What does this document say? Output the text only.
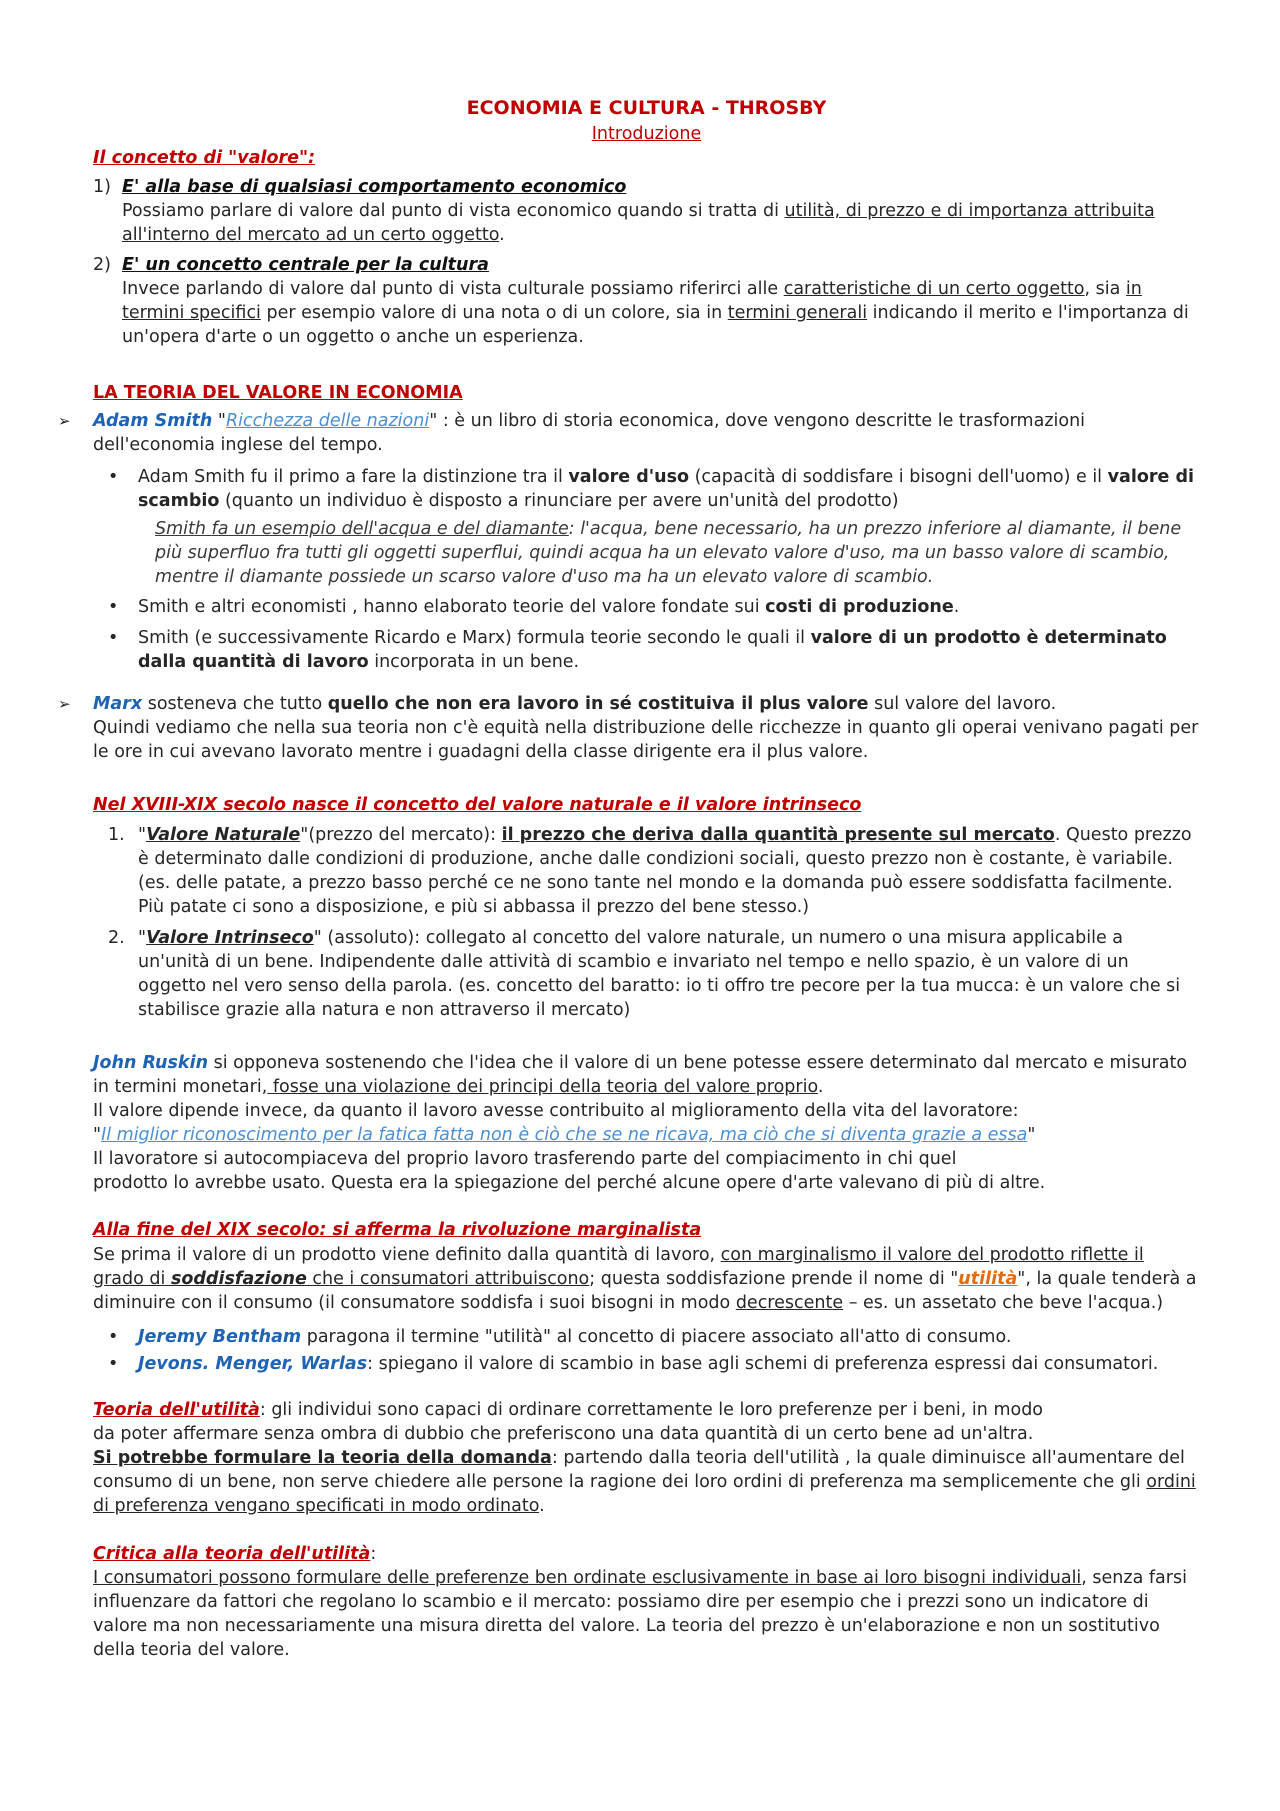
ECONOMIA E CULTURA - THROSBY
Introduzione
Il concetto di "valore":
1) E' alla base di qualsiasi comportamento economico
Possiamo parlare di valore dal punto di vista economico quando si tratta di utilità, di prezzo e di importanza attribuita all'interno del mercato ad un certo oggetto.
2) E' un concetto centrale per la cultura
Invece parlando di valore dal punto di vista culturale possiamo riferirci alle caratteristiche di un certo oggetto, sia in termini specifici per esempio valore di una nota o di un colore, sia in termini generali indicando il merito e l'importanza di un'opera d'arte o un oggetto o anche un esperienza.
LA TEORIA DEL VALORE IN ECONOMIA
➢ Adam Smith "Ricchezza delle nazioni" : è un libro di storia economica, dove vengono descritte le trasformazioni dell'economia inglese del tempo.
• Adam Smith fu il primo a fare la distinzione tra il valore d'uso (capacità di soddisfare i bisogni dell'uomo) e il valore di scambio (quanto un individuo è disposto a rinunciare per avere un'unità del prodotto)
Smith fa un esempio dell'acqua e del diamante: l'acqua, bene necessario, ha un prezzo inferiore al diamante, il bene più superfluo fra tutti gli oggetti superflui, quindi acqua ha un elevato valore d'uso, ma un basso valore di scambio, mentre il diamante possiede un scarso valore d'uso ma ha un elevato valore di scambio.
• Smith e altri economisti , hanno elaborato teorie del valore fondate sui costi di produzione.
• Smith (e successivamente Ricardo e Marx) formula teorie secondo le quali il valore di un prodotto è determinato dalla quantità di lavoro incorporata in un bene.
➢ Marx sosteneva che tutto quello che non era lavoro in sé costituiva il plus valore sul valore del lavoro.
Quindi vediamo che nella sua teoria non c'è equità nella distribuzione delle ricchezze in quanto gli operai venivano pagati per le ore in cui avevano lavorato mentre i guadagni della classe dirigente era il plus valore.
Nel XVIII-XIX secolo nasce il concetto del valore naturale e il valore intrinseco
1. "Valore Naturale"(prezzo del mercato): il prezzo che deriva dalla quantità presente sul mercato. Questo prezzo è determinato dalle condizioni di produzione, anche dalle condizioni sociali, questo prezzo non è costante, è variabile. (es. delle patate, a prezzo basso perché ce ne sono tante nel mondo e la domanda può essere soddisfatta facilmente. Più patate ci sono a disposizione, e più si abbassa il prezzo del bene stesso.)
2. "Valore Intrinseco" (assoluto): collegato al concetto del valore naturale, un numero o una misura applicabile a un'unità di un bene. Indipendente dalle attività di scambio e invariato nel tempo e nello spazio, è un valore di un oggetto nel vero senso della parola. (es. concetto del baratto: io ti offro tre pecore per la tua mucca: è un valore che si stabilisce grazie alla natura e non attraverso il mercato)
John Ruskin si opponeva sostenendo che l'idea che il valore di un bene potesse essere determinato dal mercato e misurato in termini monetari, fosse una violazione dei principi della teoria del valore proprio.
Il valore dipende invece, da quanto il lavoro avesse contribuito al miglioramento della vita del lavoratore:
"Il miglior riconoscimento per la fatica fatta non è ciò che se ne ricava, ma ciò che si diventa grazie a essa"
Il lavoratore si autocompiaceva del proprio lavoro trasferendo parte del compiacimento in chi quel
prodotto lo avrebbe usato. Questa era la spiegazione del perché alcune opere d'arte valevano di più di altre.
Alla fine del XIX secolo: si afferma la rivoluzione marginalista
Se prima il valore di un prodotto viene definito dalla quantità di lavoro, con marginalismo il valore del prodotto riflette il grado di soddisfazione che i consumatori attribuiscono; questa soddisfazione prende il nome di "utilità", la quale tenderà a diminuire con il consumo (il consumatore soddisfa i suoi bisogni in modo decrescente – es. un assetato che beve l'acqua.)
• Jeremy Bentham paragona il termine "utilità" al concetto di piacere associato all'atto di consumo.
• Jevons. Menger, Warlas: spiegano il valore di scambio in base agli schemi di preferenza espressi dai consumatori.
Teoria dell'utilità: gli individui sono capaci di ordinare correttamente le loro preferenze per i beni, in modo
da poter affermare senza ombra di dubbio che preferiscono una data quantità di un certo bene ad un'altra.
Si potrebbe formulare la teoria della domanda: partendo dalla teoria dell'utilità , la quale diminuisce all'aumentare del consumo di un bene, non serve chiedere alle persone la ragione dei loro ordini di preferenza ma semplicemente che gli ordini di preferenza vengano specificati in modo ordinato.
Critica alla teoria dell'utilità:
I consumatori possono formulare delle preferenze ben ordinate esclusivamente in base ai loro bisogni individuali, senza farsi influenzare da fattori che regolano lo scambio e il mercato: possiamo dire per esempio che i prezzi sono un indicatore di valore ma non necessariamente una misura diretta del valore. La teoria del prezzo è un'elaborazione e non un sostitutivo della teoria del valore.
